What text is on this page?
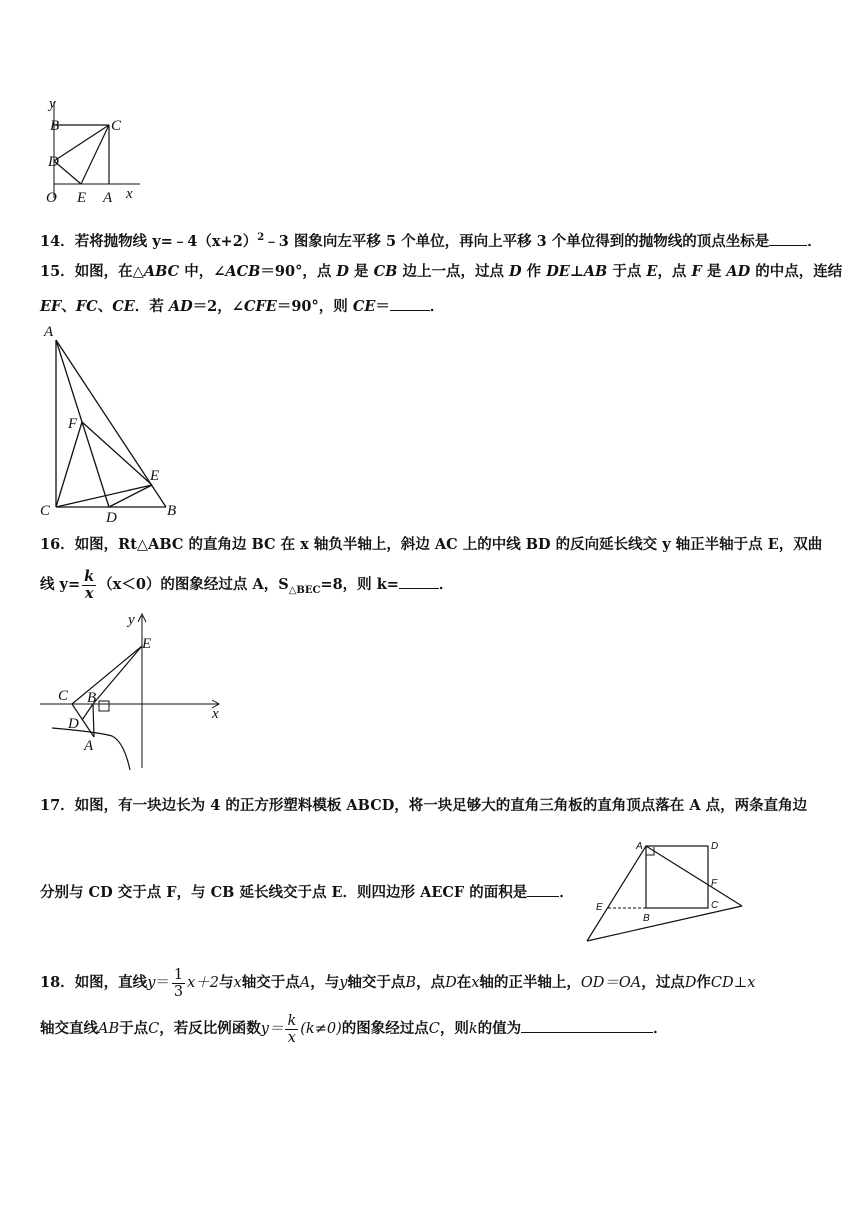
y
B	C
D
O E A x
14．若将抛物线 $y=﹣4(x+2)^2﹣3$ 图象向左平移 5 个单位，再向上平移 3 个单位得到的抛物线的顶点坐标是	．
15．如图，在△ABC 中，∠ACB＝90°，点 D 是 CB 边上一点，过点 D 作 DE⊥AB 于点 E，点 F 是 AD 的中点，连结
EF、FC、CE．若 AD＝2，∠CFE＝90°，则 CE＝	．
A
F
E
C	D	B
16．如图，Rt△ABC 的直角边 BC 在 x 轴负半轴上，斜边 AC 上的中线 BD 的反向延长线交 y 轴正半轴于点 E，双曲
线 $y= \frac{k}{x} (x<0)$的图象经过点 A，$S_{\triangle BEC}=8$，则 k=	．
y
E
C B
x
D
A
17．如图，有一块边长为 4 的正方形塑料模板 ABCD，将一块足够大的直角三角板的直角顶点落在 A 点，两条直角边
分别与 CD 交于点 F，与 CB 延长线交于点 E．则四边形 AECF 的面积是 ．
A	D
F
E
B
C
18．如图，直线$y= \frac{1}{3} x+2$与x轴交于点A，与y轴交于点B，点D在x轴的正半轴上，OD＝OA，过点D作CD⊥x
轴交直线AB于点C，若反比例函数$y= \frac{k}{x} (k\ne 0)$的图象经过点C，则k的值为	．
